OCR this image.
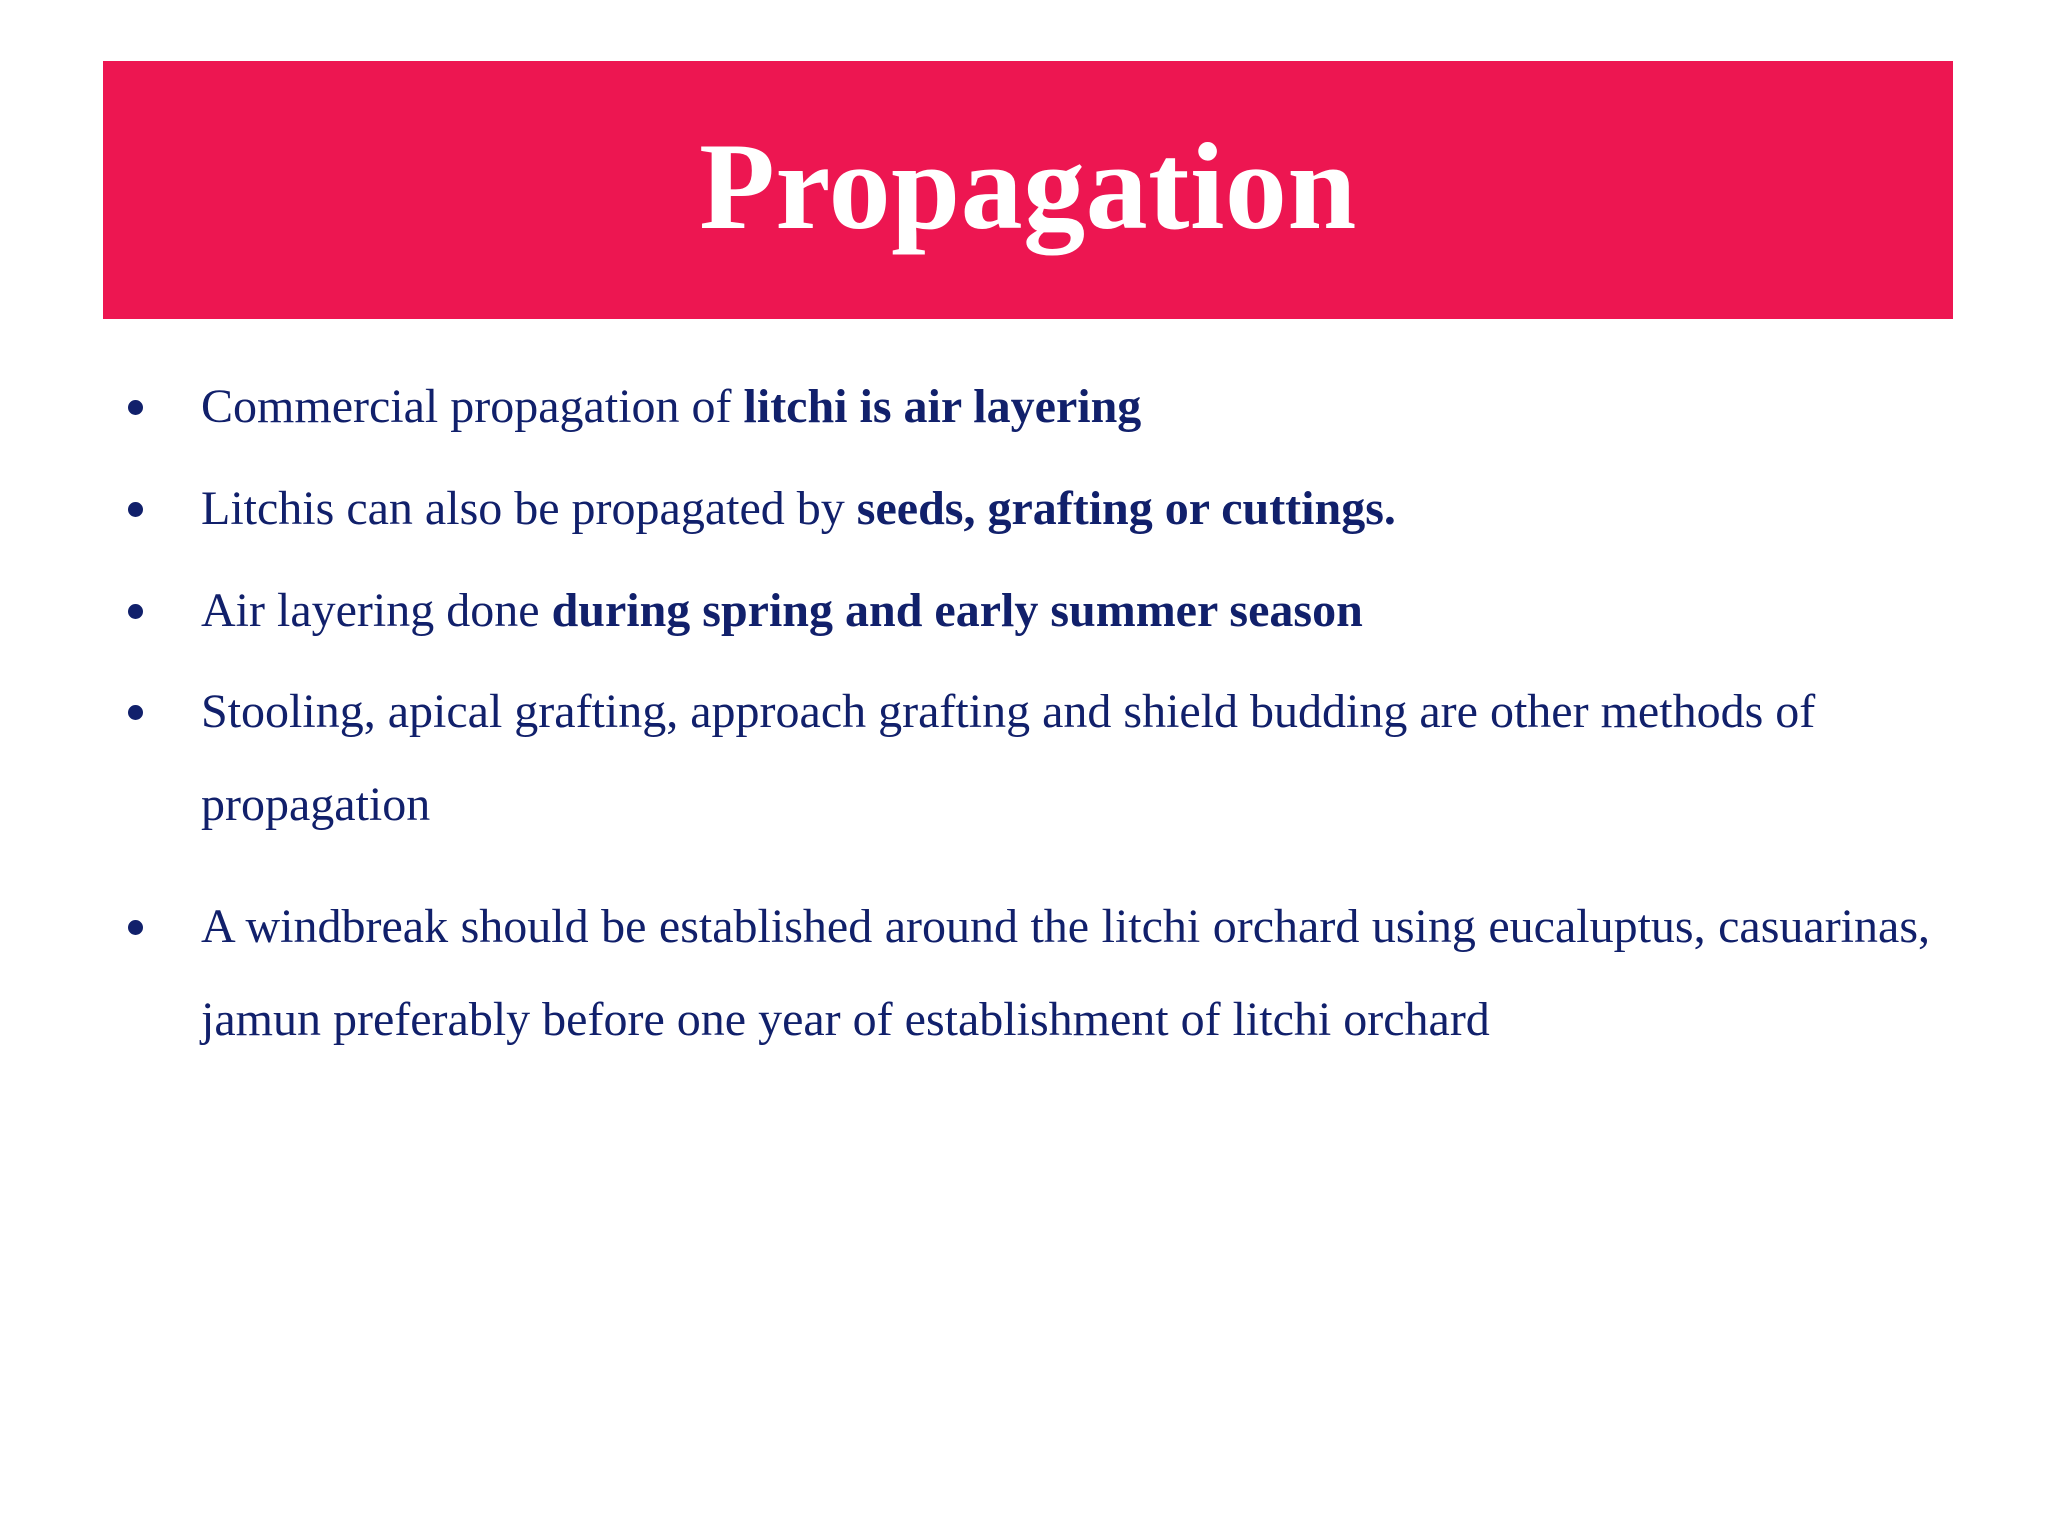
Propagation
Commercial propagation of litchi is air layering
Litchis can also be propagated by seeds, grafting or cuttings.
Air layering done during spring and early summer season
Stooling, apical grafting, approach grafting and shield budding are other methods of propagation
A windbreak should be established around the litchi orchard using eucaluptus, casuarinas, jamun preferably before one year of establishment of litchi orchard
